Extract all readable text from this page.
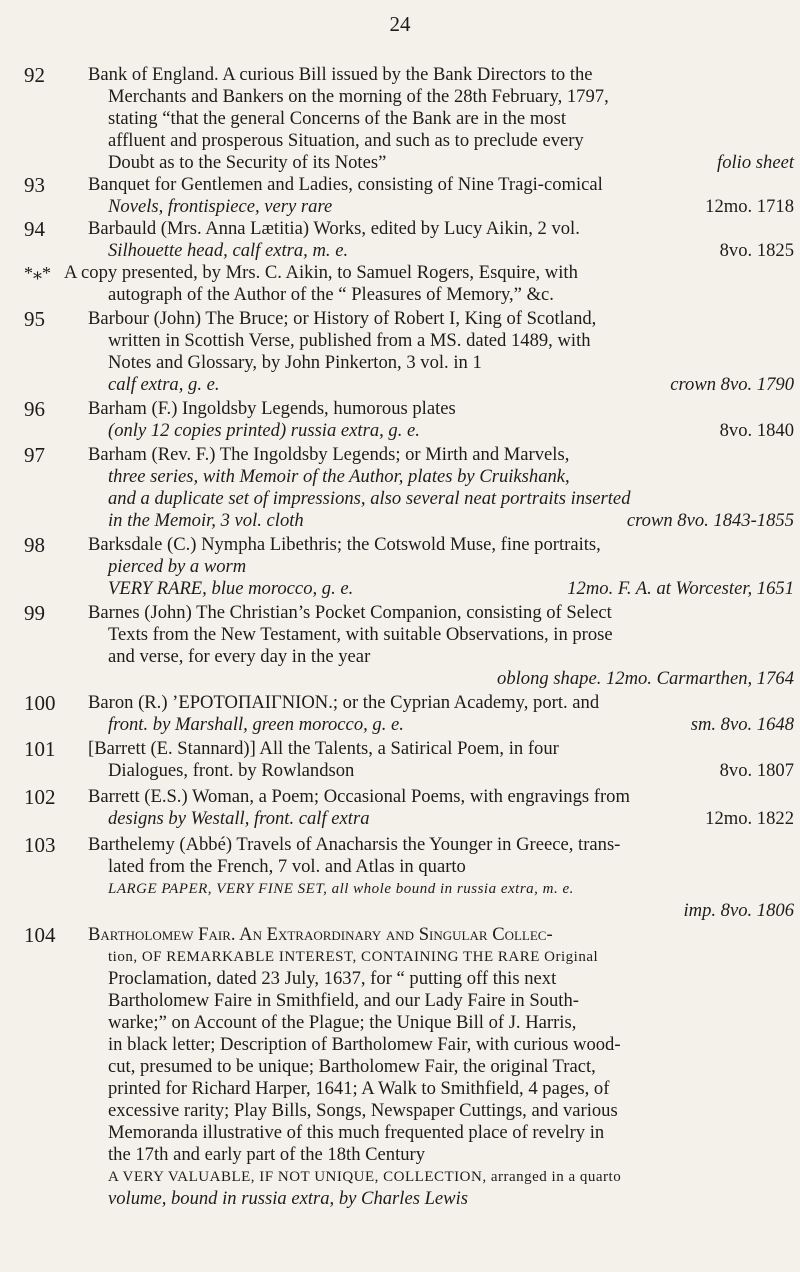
24
92	Bank of England. A curious Bill issued by the Bank Directors to the
Merchants and Bankers on the morning of the 28th February, 1797,
stating “that the general Concerns of the Bank are in the most
affluent and prosperous Situation, and such as to preclude every
Doubt as to the Security of its Notes”	folio sheet
93	Banquet for Gentlemen and Ladies, consisting of Nine Tragi-comical
Novels, frontispiece, very rare	12mo. 1718
94	Barbauld (Mrs. Anna Lætitia) Works, edited by Lucy Aikin, 2 vol.
Silhouette head, calf extra, m. e.	8vo. 1825
*⁎* A copy presented, by Mrs. C. Aikin, to Samuel Rogers, Esquire, with
autograph of the Author of the “ Pleasures of Memory,” &c.
95	Barbour (John) The Bruce; or History of Robert I, King of Scotland,
written in Scottish Verse, published from a MS. dated 1489, with
Notes and Glossary, by John Pinkerton, 3 vol. in 1
calf extra, g. e.	crown 8vo. 1790
96	Barham (F.) Ingoldsby Legends, humorous plates
(only 12 copies printed) russia extra, g. e.	8vo. 1840
97	Barham (Rev. F.) The Ingoldsby Legends; or Mirth and Marvels,
three series, with Memoir of the Author, plates by Cruikshank,
and a duplicate set of impressions, also several neat portraits inserted
in the Memoir, 3 vol. cloth	crown 8vo. 1843-1855
98	Barksdale (C.) Nympha Libethris; the Cotswold Muse, fine portraits,
pierced by a worm
VERY RARE, blue morocco, g. e.	12mo. F. A. at Worcester, 1651
99	Barnes (John) The Christian’s Pocket Companion, consisting of Select
Texts from the New Testament, with suitable Observations, in prose
and verse, for every day in the year
oblong shape. 12mo. Carmarthen, 1764
100	Baron (R.) ’EPOTOПAIГNION.; or the Cyprian Academy, port. and
front. by Marshall, green morocco, g. e.	sm. 8vo. 1648
101	[Barrett (E. Stannard)] All the Talents, a Satirical Poem, in four
Dialogues, front. by Rowlandson	8vo. 1807
102	Barrett (E.S.) Woman, a Poem; Occasional Poems, with engravings from
designs by Westall, front. calf extra	12mo. 1822
103	Barthelemy (Abbé) Travels of Anacharsis the Younger in Greece, trans-
lated from the French, 7 vol. and Atlas in quarto
LARGE PAPER, VERY FINE SET, all whole bound in russia extra, m. e.
imp. 8vo. 1806
104	Bartholomew Fair. An Extraordinary and Singular Collec-
tion, OF REMARKABLE INTEREST, CONTAINING THE RARE Original
Proclamation, dated 23 July, 1637, for “ putting off this next
Bartholomew Faire in Smithfield, and our Lady Faire in South-
warke;” on Account of the Plague; the Unique Bill of J. Harris,
in black letter; Description of Bartholomew Fair, with curious wood-
cut, presumed to be unique; Bartholomew Fair, the original Tract,
printed for Richard Harper, 1641; A Walk to Smithfield, 4 pages, of
excessive rarity; Play Bills, Songs, Newspaper Cuttings, and various
Memoranda illustrative of this much frequented place of revelry in
the 17th and early part of the 18th Century
A VERY VALUABLE, IF NOT UNIQUE, COLLECTION, arranged in a quarto
volume, bound in russia extra, by Charles Lewis
